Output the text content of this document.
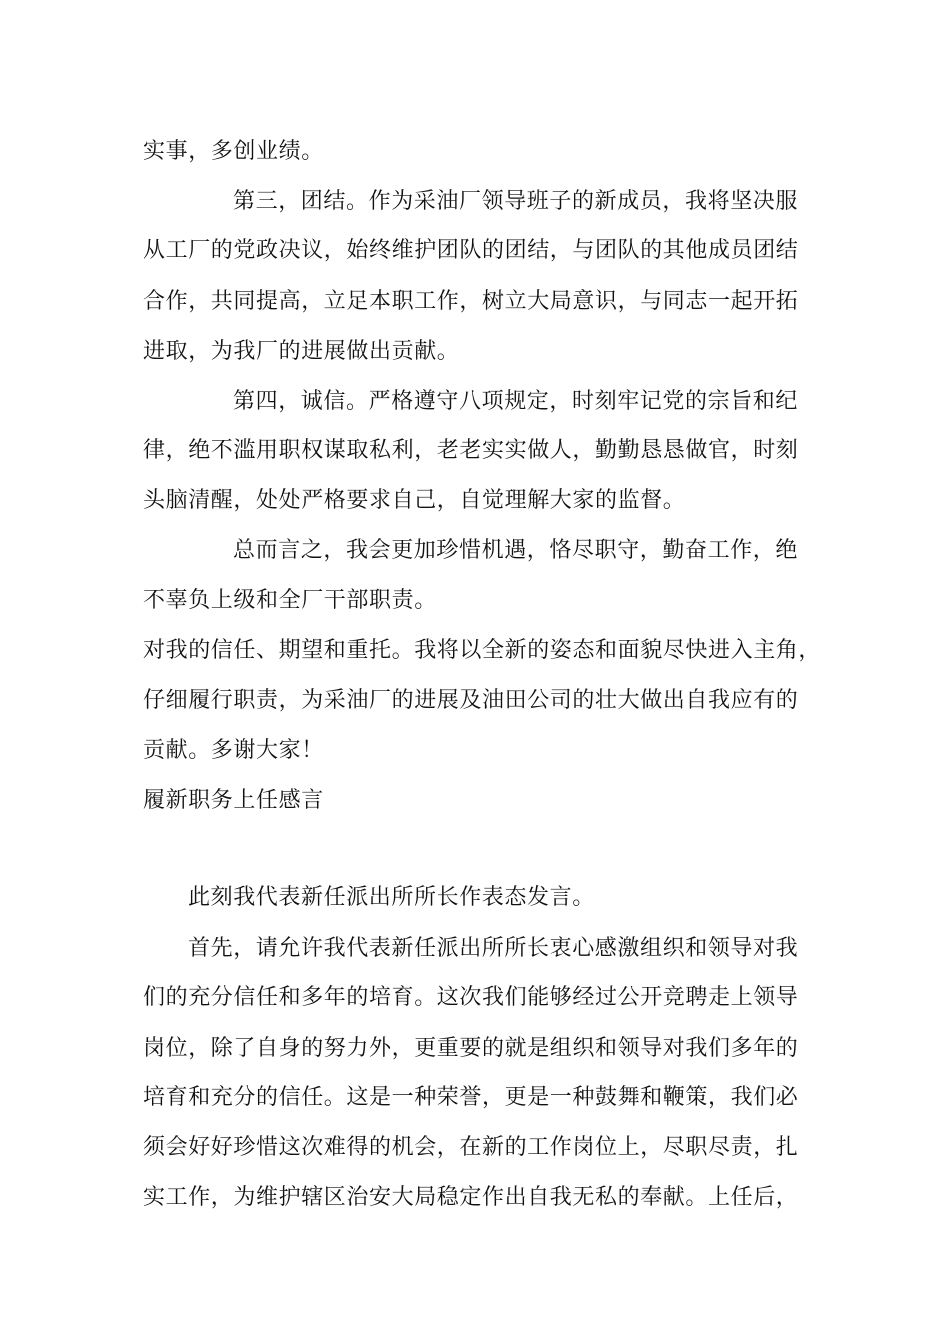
实事，多创业绩。
第三，团结。作为采油厂领导班子的新成员，我将坚决服
从工厂的党政决议，始终维护团队的团结，与团队的其他成员团结
合作，共同提高，立足本职工作，树立大局意识，与同志一起开拓
进取，为我厂的进展做出贡献。
第四，诚信。严格遵守八项规定，时刻牢记党的宗旨和纪
律，绝不滥用职权谋取私利，老老实实做人，勤勤恳恳做官，时刻
头脑清醒，处处严格要求自己，自觉理解大家的监督。
总而言之，我会更加珍惜机遇，恪尽职守，勤奋工作，绝
不辜负上级和全厂干部职责。
对我的信任、期望和重托。我将以全新的姿态和面貌尽快进入主角，
仔细履行职责，为采油厂的进展及油田公司的壮大做出自我应有的
贡献。多谢大家！
履新职务上任感言
此刻我代表新任派出所所长作表态发言。
首先，请允许我代表新任派出所所长衷心感激组织和领导对我
们的充分信任和多年的培育。这次我们能够经过公开竞聘走上领导
岗位，除了自身的努力外，更重要的就是组织和领导对我们多年的
培育和充分的信任。这是一种荣誉，更是一种鼓舞和鞭策，我们必
须会好好珍惜这次难得的机会，在新的工作岗位上，尽职尽责，扎
实工作，为维护辖区治安大局稳定作出自我无私的奉献。上任后，
